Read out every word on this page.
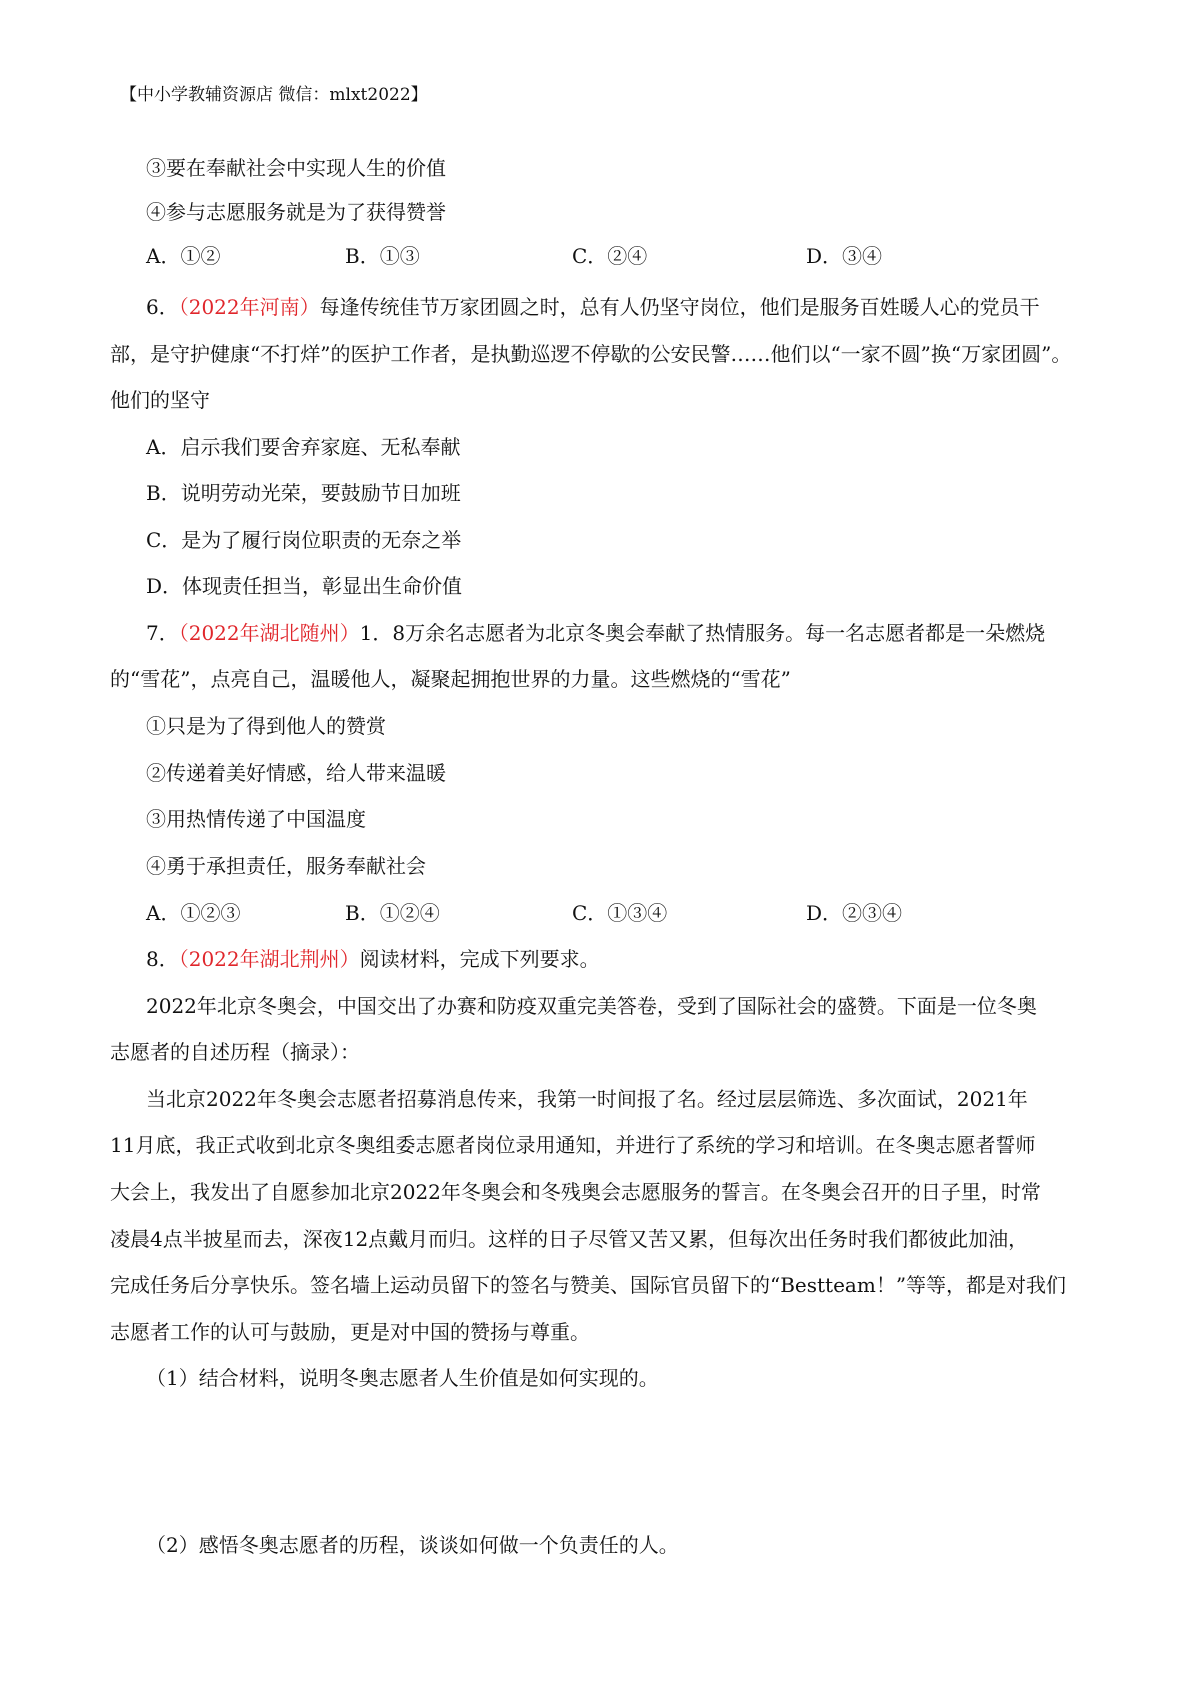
【中小学教辅资源店 微信：mlxt2022】
③要在奉献社会中实现人生的价值
④参与志愿服务就是为了获得赞誉
A．①②	B．①③	C．②④	D．③④
6．（2022年河南）每逢传统佳节万家团圆之时，总有人仍坚守岗位，他们是服务百姓暖人心的党员干
部，是守护健康“不打烊”的医护工作者，是执勤巡逻不停歇的公安民警……他们以“一家不圆”换“万家团圆”。
他们的坚守
A．启示我们要舍弃家庭、无私奉献
B．说明劳动光荣，要鼓励节日加班
C．是为了履行岗位职责的无奈之举
D．体现责任担当，彰显出生命价值
7．（2022年湖北随州）1．8万余名志愿者为北京冬奥会奉献了热情服务。每一名志愿者都是一朵燃烧
的“雪花”，点亮自己，温暖他人，凝聚起拥抱世界的力量。这些燃烧的“雪花”
①只是为了得到他人的赞赏
②传递着美好情感，给人带来温暖
③用热情传递了中国温度
④勇于承担责任，服务奉献社会
A．①②③	B．①②④	C．①③④	D．②③④
8．（2022年湖北荆州）阅读材料，完成下列要求。
2022年北京冬奥会，中国交出了办赛和防疫双重完美答卷，受到了国际社会的盛赞。下面是一位冬奥
志愿者的自述历程（摘录）：
当北京2022年冬奥会志愿者招募消息传来，我第一时间报了名。经过层层筛选、多次面试，2021年
11月底，我正式收到北京冬奥组委志愿者岗位录用通知，并进行了系统的学习和培训。在冬奥志愿者誓师
大会上，我发出了自愿参加北京2022年冬奥会和冬残奥会志愿服务的誓言。在冬奥会召开的日子里，时常
凌晨4点半披星而去，深夜12点戴月而归。这样的日子尽管又苦又累，但每次出任务时我们都彼此加油，
完成任务后分享快乐。签名墙上运动员留下的签名与赞美、国际官员留下的“Bestteam！”等等，都是对我们
志愿者工作的认可与鼓励，更是对中国的赞扬与尊重。
（1）结合材料，说明冬奥志愿者人生价值是如何实现的。
（2）感悟冬奥志愿者的历程，谈谈如何做一个负责任的人。
